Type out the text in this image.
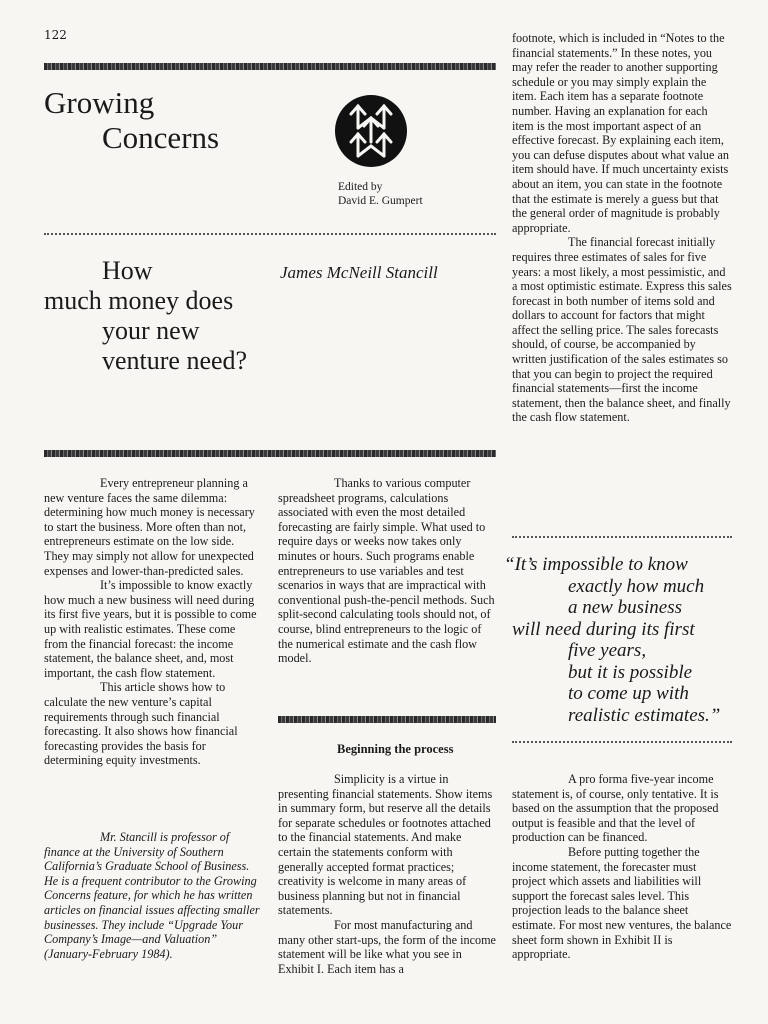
122
Growing
Concerns
Edited by
David E. Gumpert
How
much money does
your new
venture need?
James McNeill Stancill

Every entrepreneur planning a new venture faces the same dilemma: determining how much money is necessary to start the business. More often than not, entrepreneurs estimate on the low side. They may simply not allow for unexpected expenses and lower-than-predicted sales.

It’s impossible to know exactly how much a new business will need during its first five years, but it is possible to come up with realistic estimates. These come from the financial forecast: the income statement, the balance sheet, and, most important, the cash flow statement.

This article shows how to calculate the new venture’s capital requirements through such financial forecasting. It also shows how financial forecasting provides the basis for determining equity investments.

Mr. Stancill is professor of finance at the University of Southern California’s Graduate School of Business. He is a frequent contributor to the Growing Concerns feature, for which he has written articles on financial issues affecting smaller businesses. They include “Upgrade Your Company’s Image—and Valuation” (January-February 1984).

Thanks to various computer spreadsheet programs, calculations associated with even the most detailed forecasting are fairly simple. What used to require days or weeks now takes only minutes or hours. Such programs enable entrepreneurs to use variables and test scenarios in ways that are impractical with conventional push-the-pencil methods. Such split-second calculating tools should not, of course, blind entrepreneurs to the logic of the numerical estimate and the cash flow model.

Beginning the process

Simplicity is a virtue in presenting financial statements. Show items in summary form, but reserve all the details for separate schedules or footnotes attached to the financial statements. And make certain the statements conform with generally accepted format practices; creativity is welcome in many areas of business planning but not in financial statements.

For most manufacturing and many other start-ups, the form of the income statement will be like what you see in Exhibit I. Each item has a

footnote, which is included in “Notes to the financial statements.” In these notes, you may refer the reader to another supporting schedule or you may simply explain the item. Each item has a separate footnote number. Having an explanation for each item is the most important aspect of an effective forecast. By explaining each item, you can defuse disputes about what value an item should have. If much uncertainty exists about an item, you can state in the footnote that the estimate is merely a guess but that the general order of magnitude is probably appropriate.

The financial forecast initially requires three estimates of sales for five years: a most likely, a most pessimistic, and a most optimistic estimate. Express this sales forecast in both number of items sold and dollars to account for factors that might affect the selling price. The sales forecasts should, of course, be accompanied by written justification of the sales estimates so that you can begin to project the required financial statements—first the income statement, then the balance sheet, and finally the cash flow statement.

“It’s impossible to know
exactly how much
a new business
will need during its first
five years,
but it is possible
to come up with
realistic estimates.”

A pro forma five-year income statement is, of course, only tentative. It is based on the assumption that the proposed output is feasible and that the level of production can be financed.

Before putting together the income statement, the forecaster must project which assets and liabilities will support the forecast sales level. This projection leads to the balance sheet estimate. For most new ventures, the balance sheet form shown in Exhibit II is appropriate.
